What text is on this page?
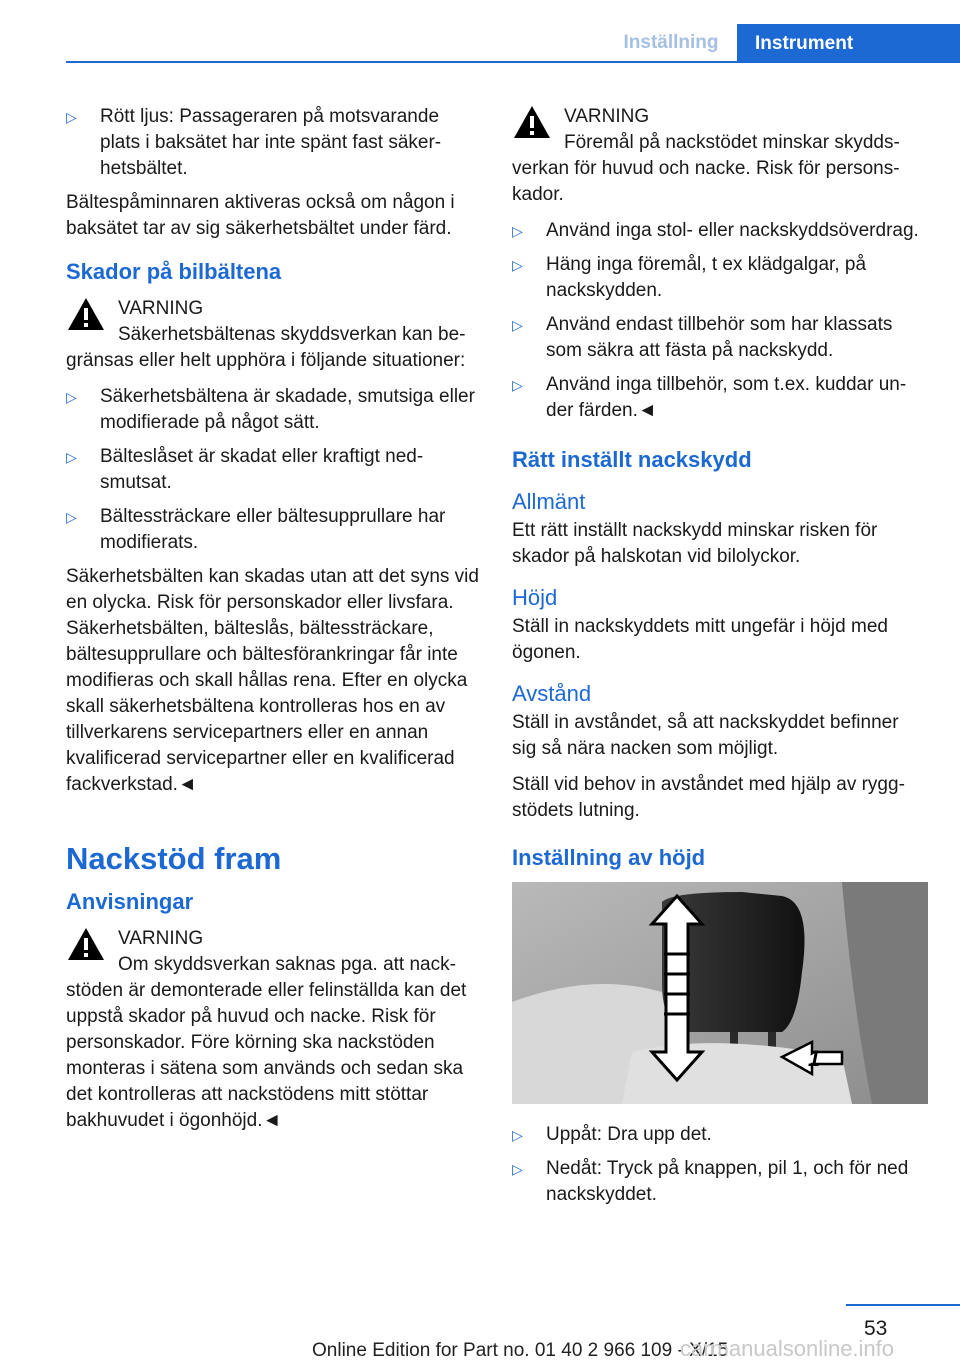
Inställning	Instrument
▷ Rött ljus: Passageraren på motsvarande plats i baksätet har inte spänt fast säkerhetsbältet.

Bältespåminnaren aktiveras också om någon i baksätet tar av sig säkerhetsbältet under färd.

Skador på bilbältena
VARNING
Säkerhetsbältenas skyddsverkan kan begränsas eller helt upphöra i följande situationer:
▷ Säkerhetsbältena är skadade, smutsiga eller modifierade på något sätt.
▷ Bälteslåset är skadat eller kraftigt nedsmutsat.
▷ Bältessträckare eller bältesupprullare har modifierats.

Säkerhetsbälten kan skadas utan att det syns vid en olycka. Risk för personskador eller livsfara. Säkerhetsbälten, bälteslås, bältessträckare, bältesupprullare och bältesförankringar får inte modifieras och skall hållas rena. Efter en olycka skall säkerhetsbältena kontrolleras hos en av tillverkarens servicepartners eller en annan kvalificerad servicepartner eller en kvalificerad fackverkstad.◄

Nackstöd fram
Anvisningar
VARNING
Om skyddsverkan saknas pga. att nackstöden är demonterade eller felinställda kan det uppstå skador på huvud och nacke. Risk för personskador. Före körning ska nackstöden monteras i sätena som används och sedan ska det kontrolleras att nackstödens mitt stöttar bakhuvudet i ögonhöjd.◄
VARNING
Föremål på nackstödet minskar skyddsverkan för huvud och nacke. Risk för personskador.
▷ Använd inga stol- eller nackskyddsöverdrag.
▷ Häng inga föremål, t ex klädgalgar, på nackskydden.
▷ Använd endast tillbehör som har klassats som säkra att fästa på nackskydd.
▷ Använd inga tillbehör, som t.ex. kuddar under färden.◄
Rätt inställt nackskydd
Allmänt

Ett rätt inställt nackskydd minskar risken för skador på halskotan vid bilolyckor.

Höjd

Ställ in nackskyddets mitt ungefär i höjd med ögonen.

Avstånd

Ställ in avståndet, så att nackskyddet befinner sig så nära nacken som möjligt.

Ställ vid behov in avståndet med hjälp av ryggstödets lutning.

Inställning av höjd
1
▷ Uppåt: Dra upp det.
▷ Nedåt: Tryck på knappen, pil 1, och för ned nackskyddet.
53
Online Edition for Part no. 01 40 2 966 109 - X/15
carmanualsonline.info
